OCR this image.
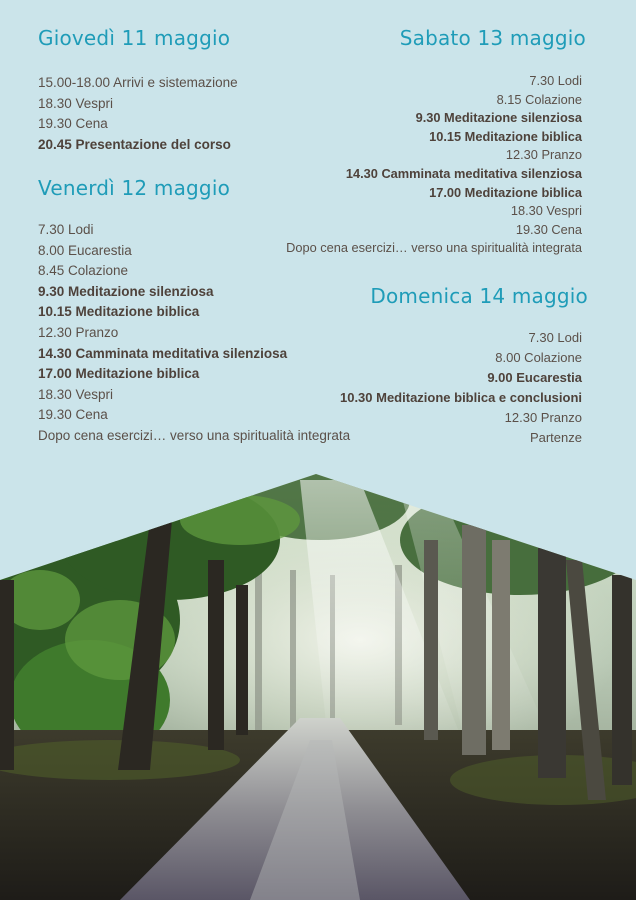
Giovedì 11 maggio
15.00-18.00 Arrivi e sistemazione
18.30 Vespri
19.30 Cena
20.45 Presentazione del corso
Venerdì 12 maggio
7.30 Lodi
8.00 Eucarestia
8.45 Colazione
9.30 Meditazione silenziosa
10.15 Meditazione biblica
12.30 Pranzo
14.30 Camminata meditativa silenziosa
17.00 Meditazione biblica
18.30 Vespri
19.30 Cena
Dopo cena esercizi… verso una spiritualità integrata
Sabato 13 maggio
7.30 Lodi
8.15 Colazione
9.30 Meditazione silenziosa
10.15 Meditazione biblica
12.30 Pranzo
14.30 Camminata meditativa silenziosa
17.00 Meditazione biblica
18.30 Vespri
19.30 Cena
Dopo cena esercizi… verso una spiritualità integrata
Domenica 14 maggio
7.30 Lodi
8.00 Colazione
9.00 Eucarestia
10.30 Meditazione biblica e conclusioni
12.30 Pranzo
Partenze
